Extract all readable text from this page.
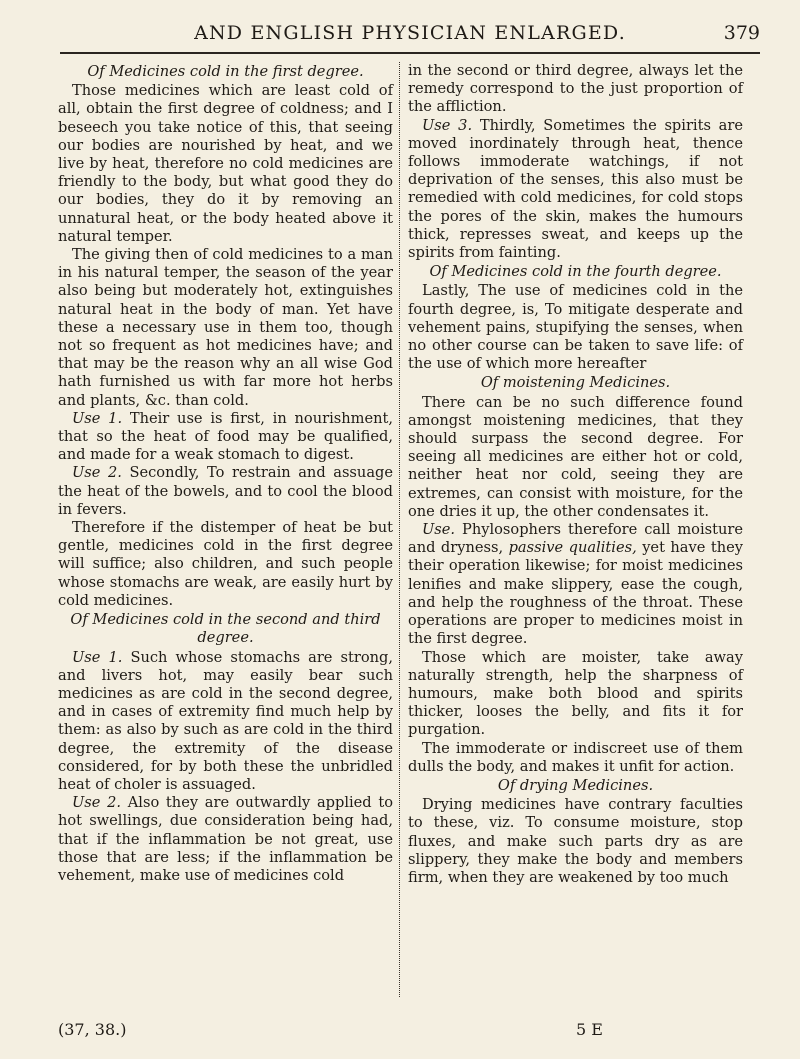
AND ENGLISH PHYSICIAN ENLARGED.	379

Of Medicines cold in the first degree.

Those medicines which are least cold of all, obtain the first degree of coldness; and I beseech you take notice of this, that seeing our bodies are nourished by heat, and we live by heat, therefore no cold medicines are friendly to the body, but what good they do our bodies, they do it by removing an unnatural heat, or the body heated above it natural temper.

The giving then of cold medicines to a man in his natural temper, the season of the year also being but moderately hot, extinguishes natural heat in the body of man. Yet have these a necessary use in them too, though not so frequent as hot medicines have; and that may be the reason why an all wise God hath furnished us with far more hot herbs and plants, &c. than cold.

Use 1. Their use is first, in nourishment, that so the heat of food may be qualified, and made for a weak stomach to digest.

Use 2. Secondly, To restrain and assuage the heat of the bowels, and to cool the blood in fevers.

Therefore if the distemper of heat be but gentle, medicines cold in the first degree will suffice; also children, and such people whose stomachs are weak, are easily hurt by cold medicines.

Of Medicines cold in the second and third degree.

Use 1. Such whose stomachs are strong, and livers hot, may easily bear such medicines as are cold in the second degree, and in cases of extremity find much help by them: as also by such as are cold in the third degree, the extremity of the disease considered, for by both these the unbridled heat of choler is assuaged.

Use 2. Also they are outwardly applied to hot swellings, due consideration being had, that if the inflammation be not great, use those that are less; if the inflammation be vehement, make use of medicines cold

in the second or third degree, always let the remedy correspond to the just proportion of the affliction.

Use 3. Thirdly, Sometimes the spirits are moved inordinately through heat, thence follows immoderate watchings, if not deprivation of the senses, this also must be remedied with cold medicines, for cold stops the pores of the skin, makes the humours thick, represses sweat, and keeps up the spirits from fainting.

Of Medicines cold in the fourth degree.

Lastly, The use of medicines cold in the fourth degree, is, To mitigate desperate and vehement pains, stupifying the senses, when no other course can be taken to save life: of the use of which more hereafter

Of moistening Medicines.

There can be no such difference found amongst moistening medicines, that they should surpass the second degree. For seeing all medicines are either hot or cold, neither heat nor cold, seeing they are extremes, can consist with moisture, for the one dries it up, the other condensates it.

Use. Phylosophers therefore call moisture and dryness, passive qualities, yet have they their operation likewise; for moist medicines lenifies and make slippery, ease the cough, and help the roughness of the throat. These operations are proper to medicines moist in the first degree.

Those which are moister, take away naturally strength, help the sharpness of humours, make both blood and spirits thicker, looses the belly, and fits it for purgation.

The immoderate or indiscreet use of them dulls the body, and makes it unfit for action.

Of drying Medicines.

Drying medicines have contrary faculties to these, viz. To consume moisture, stop fluxes, and make such parts dry as are slippery, they make the body and members firm, when they are weakened by too much

(37, 38.)	5 E
